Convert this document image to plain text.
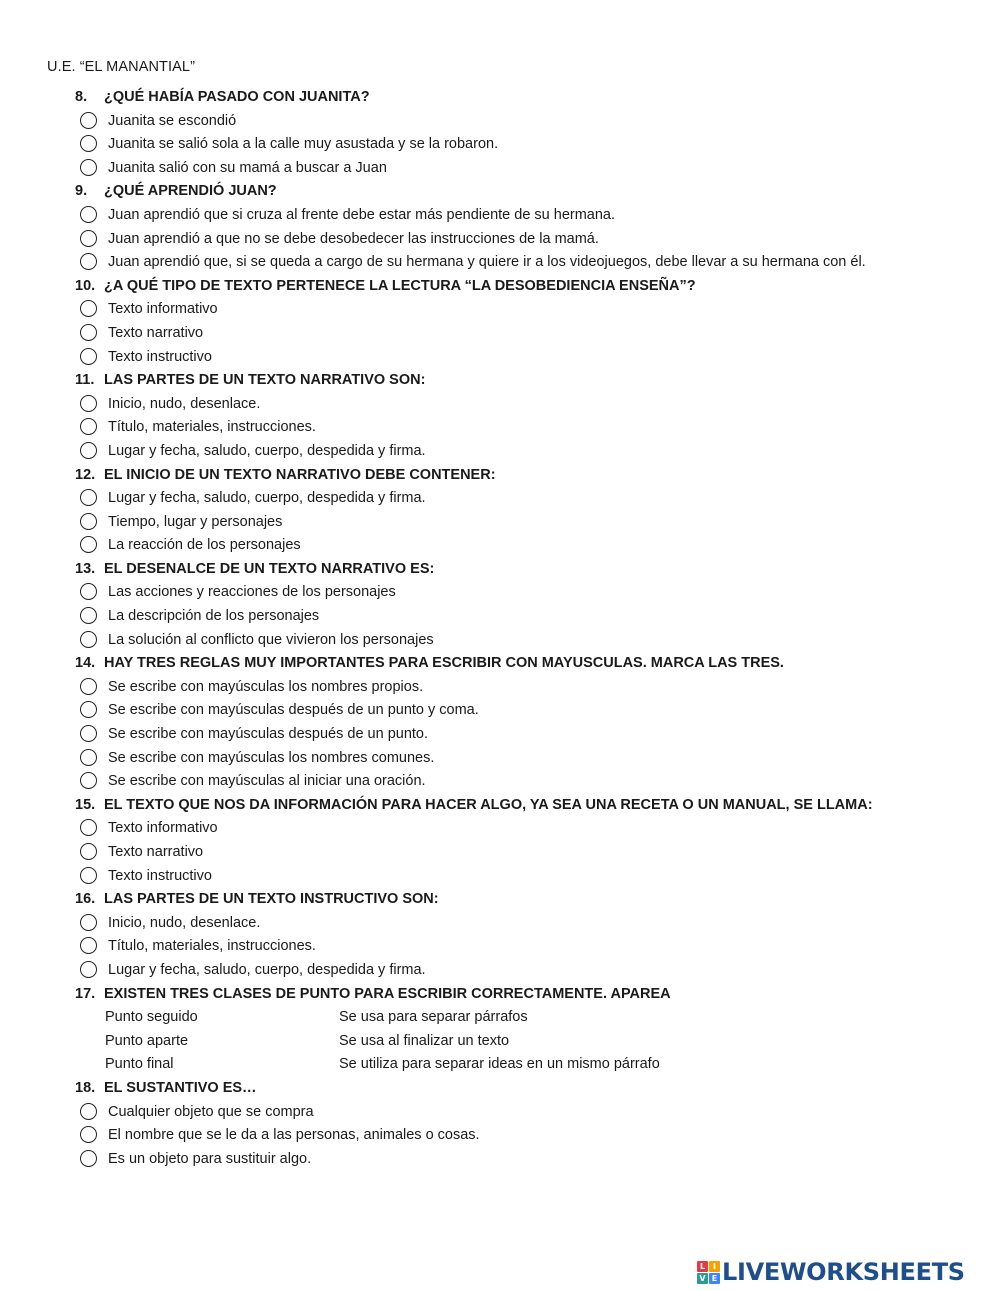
U.E. “EL MANANTIAL”
8. ¿QUÉ HABÍA PASADO CON JUANITA?
Juanita se escondió
Juanita se salió sola a la calle muy asustada y se la robaron.
Juanita salió con su mamá a buscar a Juan
9. ¿QUÉ APRENDIÓ JUAN?
Juan aprendió que si cruza al frente debe estar más pendiente de su hermana.
Juan aprendió a que no se debe desobedecer las instrucciones de la mamá.
Juan aprendió que, si se queda a cargo de su hermana y quiere ir a los videojuegos, debe llevar a su hermana con él.
10. ¿A QUÉ TIPO DE TEXTO PERTENECE LA LECTURA “LA DESOBEDIENCIA ENSEÑA”?
Texto informativo
Texto narrativo
Texto instructivo
11. LAS PARTES DE UN TEXTO NARRATIVO SON:
Inicio, nudo, desenlace.
Título, materiales, instrucciones.
Lugar y fecha, saludo, cuerpo, despedida y firma.
12. EL INICIO DE UN TEXTO NARRATIVO DEBE CONTENER:
Lugar y fecha, saludo, cuerpo, despedida y firma.
Tiempo, lugar y personajes
La reacción de los personajes
13. EL DESENALCE DE UN TEXTO NARRATIVO ES:
Las acciones y reacciones de los personajes
La descripción de los personajes
La solución al conflicto que vivieron los personajes
14. HAY TRES REGLAS MUY IMPORTANTES PARA ESCRIBIR CON MAYUSCULAS. MARCA LAS TRES.
Se escribe con mayúsculas los nombres propios.
Se escribe con mayúsculas después de un punto y coma.
Se escribe con mayúsculas después de un punto.
Se escribe con mayúsculas los nombres comunes.
Se escribe con mayúsculas al iniciar una oración.
15. EL TEXTO QUE NOS DA INFORMACIÓN PARA HACER ALGO, YA SEA UNA RECETA O UN MANUAL, SE LLAMA:
Texto informativo
Texto narrativo
Texto instructivo
16. LAS PARTES DE UN TEXTO INSTRUCTIVO SON:
Inicio, nudo, desenlace.
Título, materiales, instrucciones.
Lugar y fecha, saludo, cuerpo, despedida y firma.
17. EXISTEN TRES CLASES DE PUNTO PARA ESCRIBIR CORRECTAMENTE. APAREA
Punto seguido	Se usa para separar párrafos
Punto aparte	Se usa al finalizar un texto
Punto final	Se utiliza para separar ideas en un mismo párrafo
18. EL SUSTANTIVO ES…
Cualquier objeto que se compra
El nombre que se le da a las personas, animales o cosas.
Es un objeto para sustituir algo.
L I
V E LIVEWORKSHEETS
